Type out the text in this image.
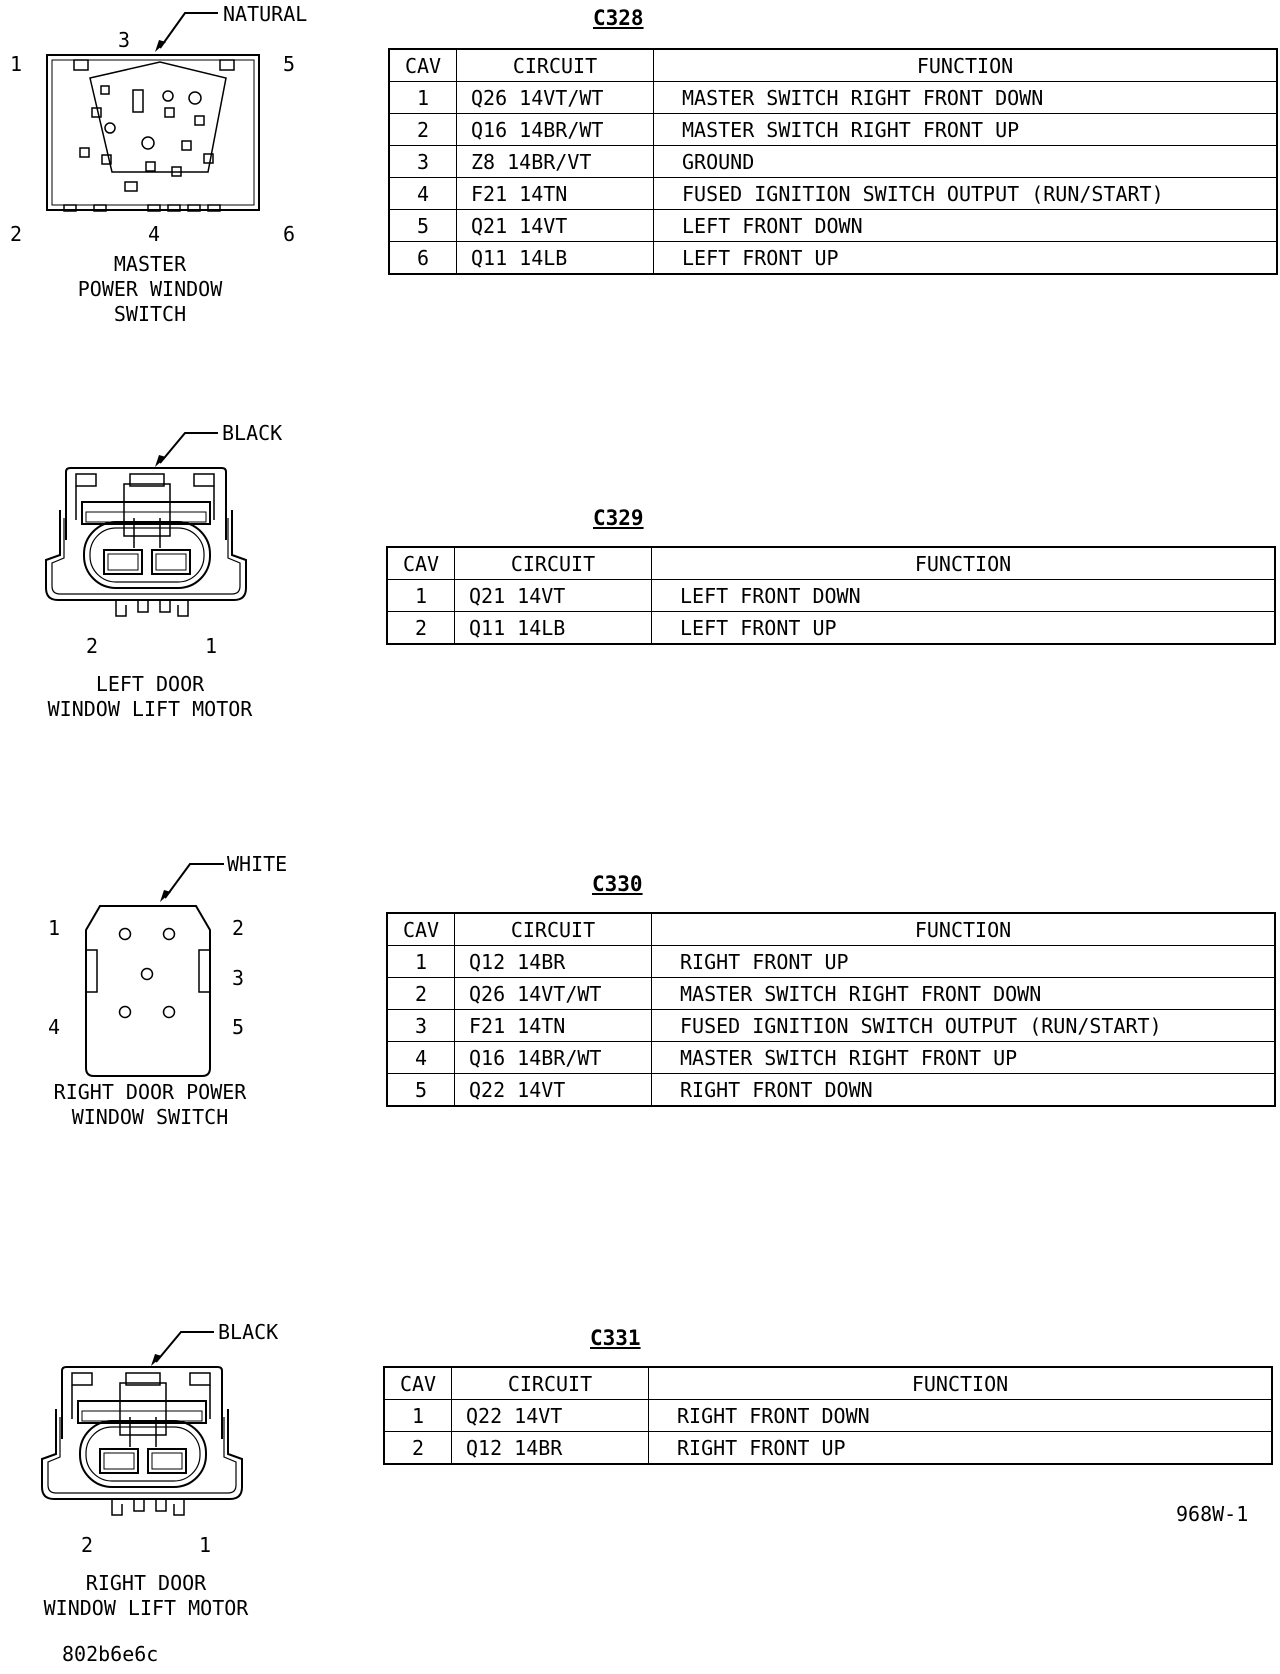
NATURAL
1
2
3
4
5
6
MASTER
POWER WINDOW
SWITCH
C328
CAV	CIRCUIT	FUNCTION
1	Q26 14VT/WT	MASTER SWITCH RIGHT FRONT DOWN
2	Q16 14BR/WT	MASTER SWITCH RIGHT FRONT UP
3	Z8 14BR/VT	GROUND
4	F21 14TN	FUSED IGNITION SWITCH OUTPUT (RUN/START)
5	Q21 14VT	LEFT FRONT DOWN
6	Q11 14LB	LEFT FRONT UP
BLACK
2	1
LEFT DOOR
WINDOW LIFT MOTOR
C329
CAV	CIRCUIT	FUNCTION
1	Q21 14VT	LEFT FRONT DOWN
2	Q11 14LB	LEFT FRONT UP
WHITE
1	2
3
4	5
RIGHT DOOR POWER
WINDOW SWITCH
C330
CAV	CIRCUIT	FUNCTION
1	Q12 14BR	RIGHT FRONT UP
2	Q26 14VT/WT	MASTER SWITCH RIGHT FRONT DOWN
3	F21 14TN	FUSED IGNITION SWITCH OUTPUT (RUN/START)
4	Q16 14BR/WT	MASTER SWITCH RIGHT FRONT UP
5	Q22 14VT	RIGHT FRONT DOWN
BLACK
2	1
RIGHT DOOR
WINDOW LIFT MOTOR
C331
CAV	CIRCUIT	FUNCTION
1	Q22 14VT	RIGHT FRONT DOWN
2	Q12 14BR	RIGHT FRONT UP
968W-1
802b6e6c
